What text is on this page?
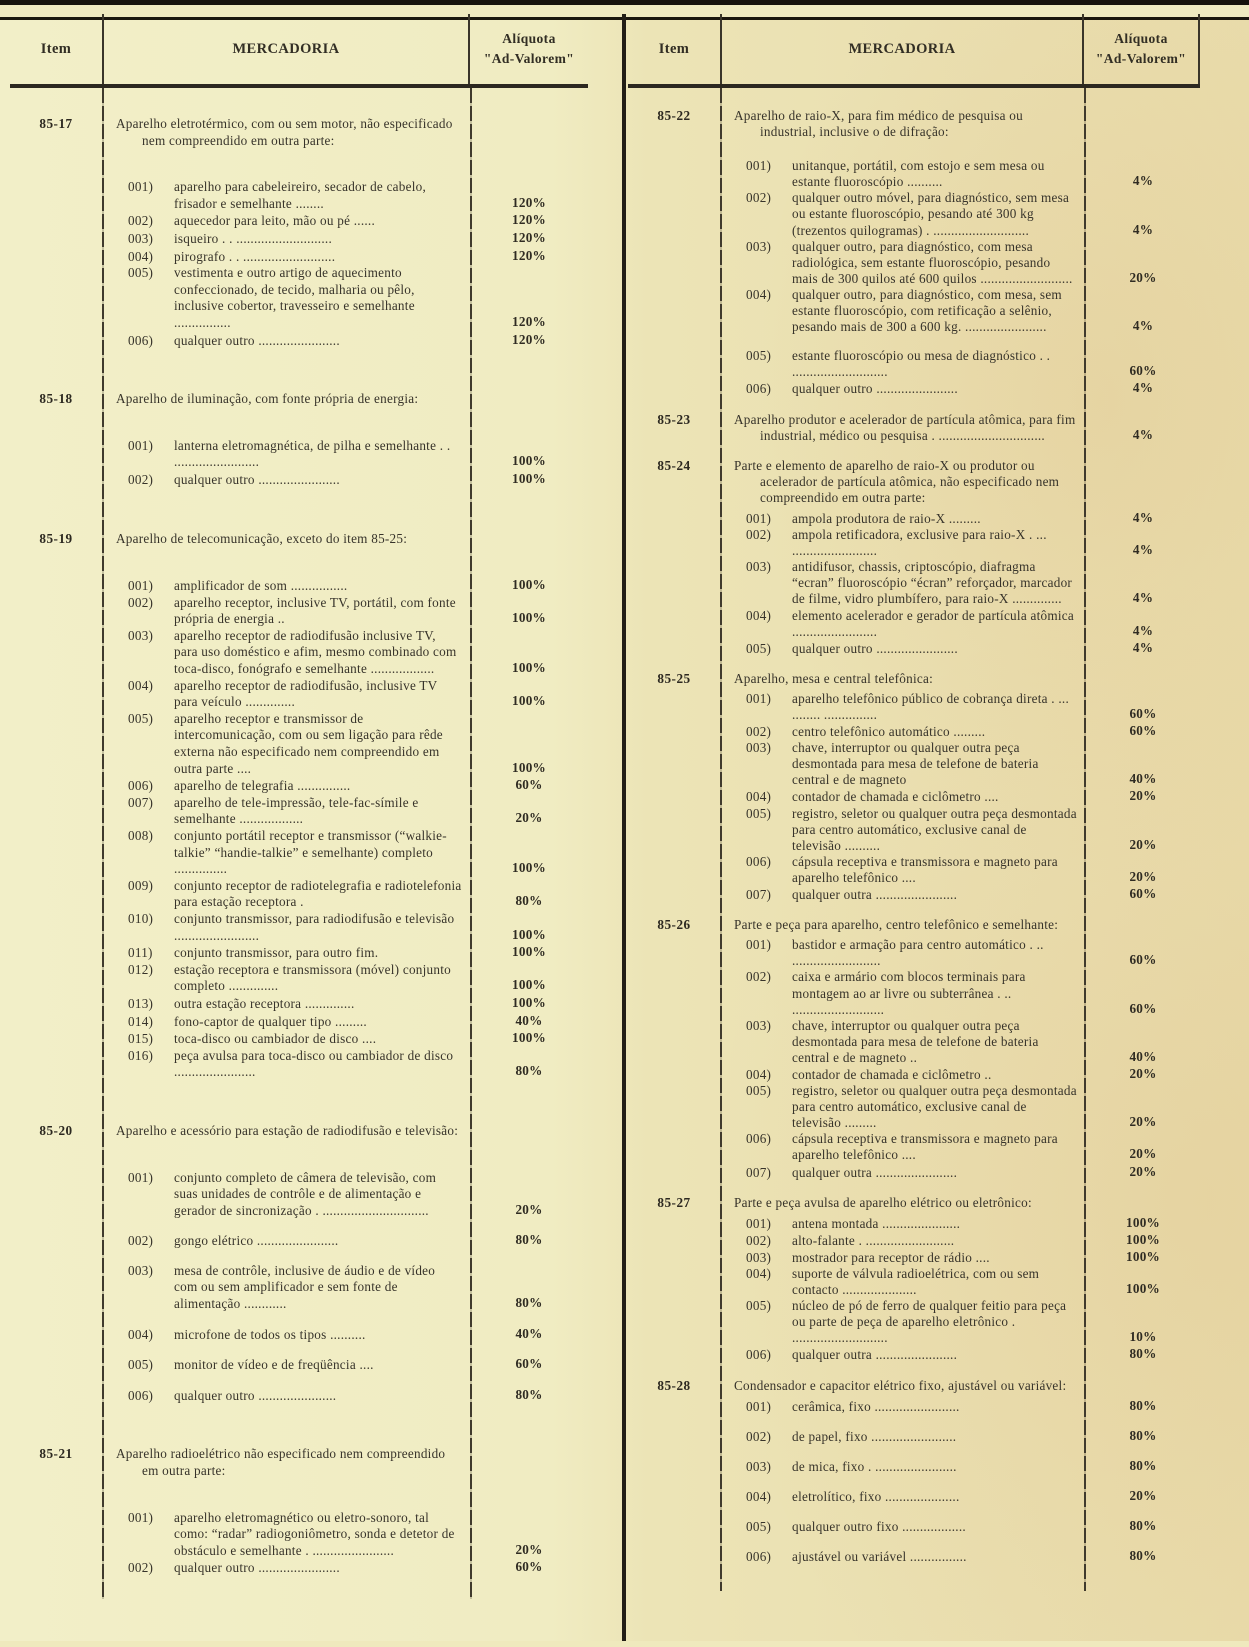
Item	MERCADORIA
Alíquota
"Ad-Valorem"
85-17	Aparelho eletrotérmico, com ou sem motor, não especificado nem compreendido em outra parte:
001)	aparelho para cabeleireiro, secador de cabelo, frisador e semelhante ........	120%
002)	aquecedor para leito, mão ou pé ......	120%
003)	isqueiro . . ...........................	120%
004)	pirografo . . ..........................	120%
005)	vestimenta e outro artigo de aquecimento confeccionado, de tecido, malharia ou pêlo, inclusive cobertor, travesseiro e semelhante ................	120%
006)	qualquer outro .......................	120%
85-18	Aparelho de iluminação, com fonte própria de energia:
001)	lanterna eletromagnética, de pilha e semelhante . . ........................	100%
002)	qualquer outro .......................	100%
85-19	Aparelho de telecomunicação, exceto do item 85-25:
001)	amplificador de som ................	100%
002)	aparelho receptor, inclusive TV, portátil, com fonte própria de energia ..	100%
003)	aparelho receptor de radiodifusão inclusive TV, para uso doméstico e afim, mesmo combinado com toca-disco, fonógrafo e semelhante ..................	100%
004)	aparelho receptor de radiodifusão, inclusive TV para veículo ..............	100%
005)	aparelho receptor e transmissor de intercomunicação, com ou sem ligação para rêde externa não especificado nem compreendido em outra parte ....	100%
006)	aparelho de telegrafia ...............	60%
007)	aparelho de tele-impressão, tele-fac-símile e semelhante ..................	20%
008)	conjunto portátil receptor e transmissor (“walkie-talkie” “handie-talkie” e semelhante) completo ...............	100%
009)	conjunto receptor de radiotelegrafia e radiotelefonia para estação receptora .	80%
010)	conjunto transmissor, para radiodifusão e televisão ........................	100%
011)	conjunto transmissor, para outro fim.	100%
012)	estação receptora e transmissora (móvel) conjunto completo ..............	100%
013)	outra estação receptora ..............	100%
014)	fono-captor de qualquer tipo .........	40%
015)	toca-disco ou cambiador de disco ....	100%
016)	peça avulsa para toca-disco ou cambiador de disco .......................	80%
85-20	Aparelho e acessório para estação de radiodifusão e televisão:
001)	conjunto completo de câmera de televisão, com suas unidades de contrôle e de alimentação e gerador de sincronização . ..............................	20%
002)	gongo elétrico .......................	80%
003)	mesa de contrôle, inclusive de áudio e de vídeo com ou sem amplificador e sem fonte de alimentação ............	80%
004)	microfone de todos os tipos ..........	40%
005)	monitor de vídeo e de freqüência ....	60%
006)	qualquer outro ......................	80%
85-21	Aparelho radioelétrico não especificado nem compreendido em outra parte:
001)	aparelho eletromagnético ou eletro-sonoro, tal como: “radar” radiogoniômetro, sonda e detetor de obstáculo e semelhante . .......................	20%
002)	qualquer outro .......................	60%
Item	MERCADORIA
Alíquota
"Ad-Valorem"
85-22	Aparelho de raio-X, para fim médico de pesquisa ou industrial, inclusive o de difração:
001)	unitanque, portátil, com estojo e sem mesa ou estante fluoroscópio ..........	4%
002)	qualquer outro móvel, para diagnóstico, sem mesa ou estante fluoroscópio, pesando até 300 kg (trezentos quilogramas) . ...........................	4%
003)	qualquer outro, para diagnóstico, com mesa radiológica, sem estante fluoroscópio, pesando mais de 300 quilos até 600 quilos ..........................	20%
004)	qualquer outro, para diagnóstico, com mesa, sem estante fluoroscópio, com retificação a selênio, pesando mais de 300 a 600 kg. .......................	4%
005)	estante fluoroscópio ou mesa de diagnóstico . . ...........................	60%
006)	qualquer outro .......................	4%
85-23	Aparelho produtor e acelerador de partícula atômica, para fim industrial, médico ou pesquisa . ..............................	4%
85-24	Parte e elemento de aparelho de raio-X ou produtor ou acelerador de partícula atômica, não especificado nem compreendido em outra parte:
001)	ampola produtora de raio-X .........	4%
002)	ampola retificadora, exclusive para raio-X . ... ........................	4%
003)	antidifusor, chassis, criptoscópio, diafragma “ecran” fluoroscópio “écran” reforçador, marcador de filme, vidro plumbífero, para raio-X ..............	4%
004)	elemento acelerador e gerador de partícula atômica ........................	4%
005)	qualquer outro .......................	4%
85-25	Aparelho, mesa e central telefônica:
001)	aparelho telefônico público de cobrança direta . ... ........ ...............	60%
002)	centro telefônico automático .........	60%
003)	chave, interruptor ou qualquer outra peça desmontada para mesa de telefone de bateria central e de magneto	40%
004)	contador de chamada e ciclômetro ....	20%
005)	registro, seletor ou qualquer outra peça desmontada para centro automático, exclusive canal de televisão ..........	20%
006)	cápsula receptiva e transmissora e magneto para aparelho telefônico ....	20%
007)	qualquer outra .......................	60%
85-26	Parte e peça para aparelho, centro telefônico e semelhante:
001)	bastidor e armação para centro automático . .. .........................	60%
002)	caixa e armário com blocos terminais para montagem ao ar livre ou subterrânea . .. ..........................	60%
003)	chave, interruptor ou qualquer outra peça desmontada para mesa de telefone de bateria central e de magneto ..	40%
004)	contador de chamada e ciclômetro ..	20%
005)	registro, seletor ou qualquer outra peça desmontada para centro automático, exclusive canal de televisão .........	20%
006)	cápsula receptiva e transmissora e magneto para aparelho telefônico ....	20%
007)	qualquer outra .......................	20%
85-27	Parte e peça avulsa de aparelho elétrico ou eletrônico:
001)	antena montada ......................	100%
002)	alto-falante . .........................	100%
003)	mostrador para receptor de rádio ....	100%
004)	suporte de válvula radioelétrica, com ou sem contacto .....................	100%
005)	núcleo de pó de ferro de qualquer feitio para peça ou parte de peça de aparelho eletrônico . ...........................	10%
006)	qualquer outra .......................	80%
85-28	Condensador e capacitor elétrico fixo, ajustável ou variável:
001)	cerâmica, fixo ........................	80%
002)	de papel, fixo ........................	80%
003)	de mica, fixo . .......................	80%
004)	eletrolítico, fixo .....................	20%
005)	qualquer outro fixo ..................	80%
006)	ajustável ou variável ................	80%
